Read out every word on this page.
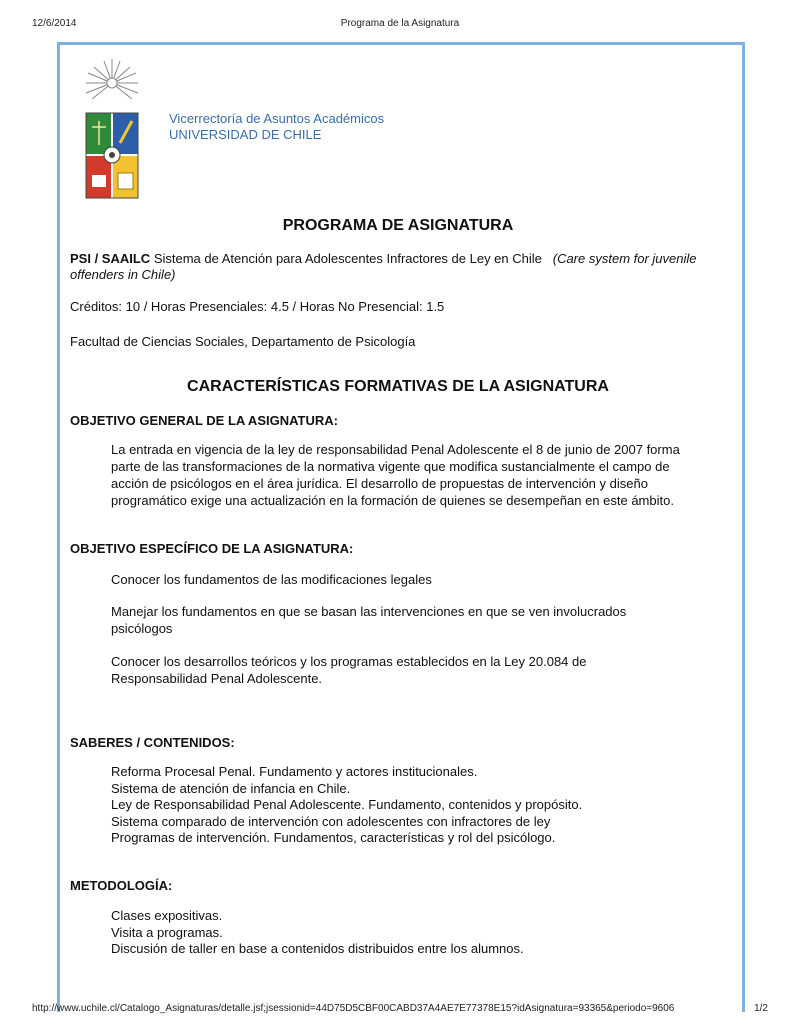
12/6/2014	Programa de la Asignatura
Vicerrectoría de Asuntos Académicos
UNIVERSIDAD DE CHILE
PROGRAMA DE ASIGNATURA
PSI / SAAILC Sistema de Atención para Adolescentes Infractores de Ley en Chile (Care system for juvenile offenders in Chile)
Créditos: 10 / Horas Presenciales: 4.5 / Horas No Presencial: 1.5
Facultad de Ciencias Sociales, Departamento de Psicología
CARACTERÍSTICAS FORMATIVAS DE LA ASIGNATURA
OBJETIVO GENERAL DE LA ASIGNATURA:
La entrada en vigencia de la ley de responsabilidad Penal Adolescente el 8 de junio de 2007 forma parte de las transformaciones de la normativa vigente que modifica sustancialmente el campo de acción de psicólogos en el área jurídica. El desarrollo de propuestas de intervención y diseño programático exige una actualización en la formación de quienes se desempeñan en este ámbito.
OBJETIVO ESPECÍFICO DE LA ASIGNATURA:
Conocer los fundamentos de las modificaciones legales
Manejar los fundamentos en que se basan las intervenciones en que se ven involucrados psicólogos
Conocer los desarrollos teóricos y los programas establecidos en la Ley 20.084 de Responsabilidad Penal Adolescente.
SABERES / CONTENIDOS:
Reforma Procesal Penal. Fundamento y actores institucionales.
Sistema de atención de infancia en Chile.
Ley de Responsabilidad Penal Adolescente. Fundamento, contenidos y propósito.
Sistema comparado de intervención con adolescentes con infractores de ley
Programas de intervención. Fundamentos, características y rol del psicólogo.
METODOLOGÍA:
Clases expositivas.
Visita a programas.
Discusión de taller en base a contenidos distribuidos entre los alumnos.
http://www.uchile.cl/Catalogo_Asignaturas/detalle.jsf;jsessionid=44D75D5CBF00CABD37A4AE7E77378E15?idAsignatura=93365&periodo=9606	1/2
